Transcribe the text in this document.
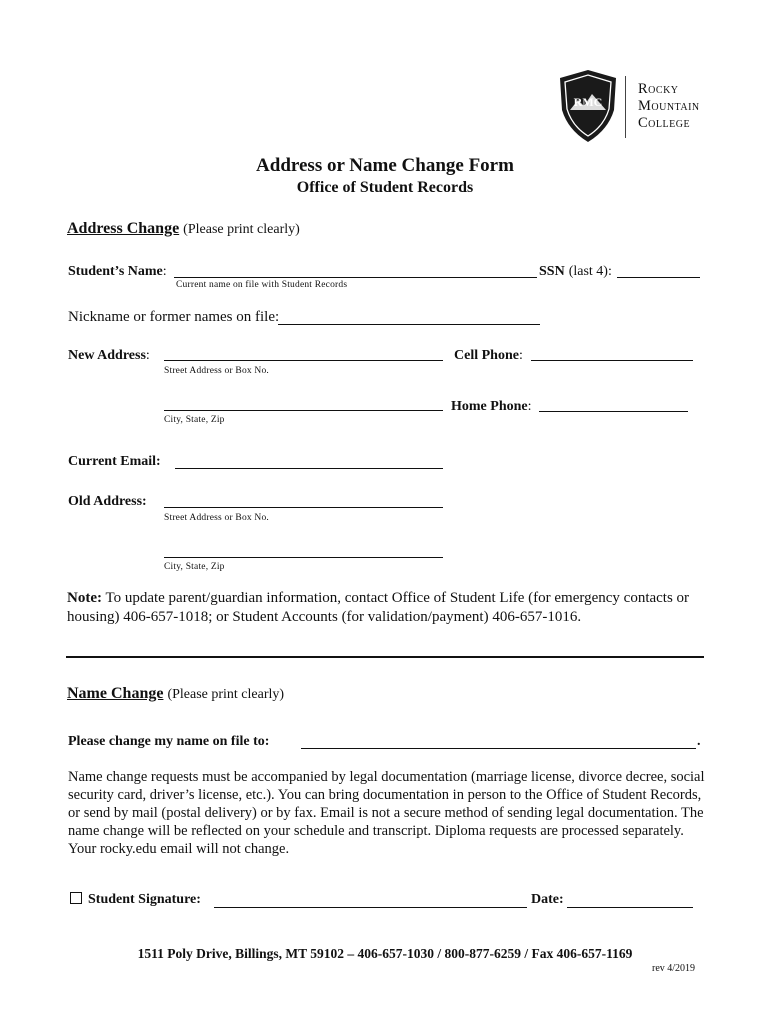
RMC
Rocky
Mountain
College
Address or Name Change Form
Office of Student Records
Address Change (Please print clearly)
Student’s Name:
Current name on file with Student Records
SSN (last 4):
Nickname or former names on file:
New Address:
Street Address or Box No.
Cell Phone:
City, State, Zip
Home Phone:
Current Email:
Old Address:
Street Address or Box No.
City, State, Zip
Note: To update parent/guardian information, contact Office of Student Life (for emergency contacts or housing) 406-657-1018; or Student Accounts (for validation/payment) 406-657-1016.
Name Change (Please print clearly)
Please change my name on file to:	.
Name change requests must be accompanied by legal documentation (marriage license, divorce decree, social security card, driver’s license, etc.). You can bring documentation in person to the Office of Student Records, or send by mail (postal delivery) or by fax. Email is not a secure method of sending legal documentation. The name change will be reflected on your schedule and transcript. Diploma requests are processed separately. Your rocky.edu email will not change.
Student Signature:	Date:
1511 Poly Drive, Billings, MT 59102 – 406-657-1030 / 800-877-6259 / Fax 406-657-1169
rev 4/2019
